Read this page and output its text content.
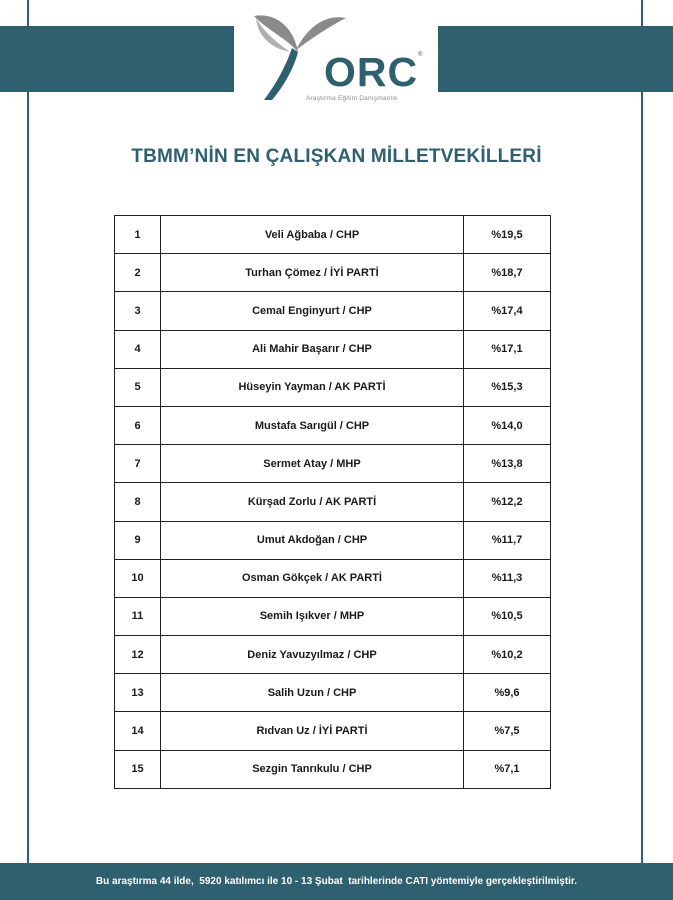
ORC ®
Araştırma Eğitim Danışmanlık
TBMM’NİN EN ÇALIŞKAN MİLLETVEKİLLERİ
1	Veli Ağbaba / CHP	%19,5
2	Turhan Çömez / İYİ PARTİ	%18,7
3	Cemal Enginyurt / CHP	%17,4
4	Ali Mahir Başarır / CHP	%17,1
5	Hüseyin Yayman / AK PARTİ	%15,3
6	Mustafa Sarıgül / CHP	%14,0
7	Sermet Atay / MHP	%13,8
8	Kürşad Zorlu / AK PARTİ	%12,2
9	Umut Akdoğan / CHP	%11,7
10	Osman Gökçek / AK PARTİ	%11,3
11	Semih Işıkver / MHP	%10,5
12	Deniz Yavuzyılmaz / CHP	%10,2
13	Salih Uzun / CHP	%9,6
14	Rıdvan Uz / İYİ PARTİ	%7,5
15	Sezgin Tanrıkulu / CHP	%7,1
Bu araştırma 44 ilde,  5920 katılımcı ile 10 - 13 Şubat  tarihlerinde CATI yöntemiyle gerçekleştirilmiştir.
